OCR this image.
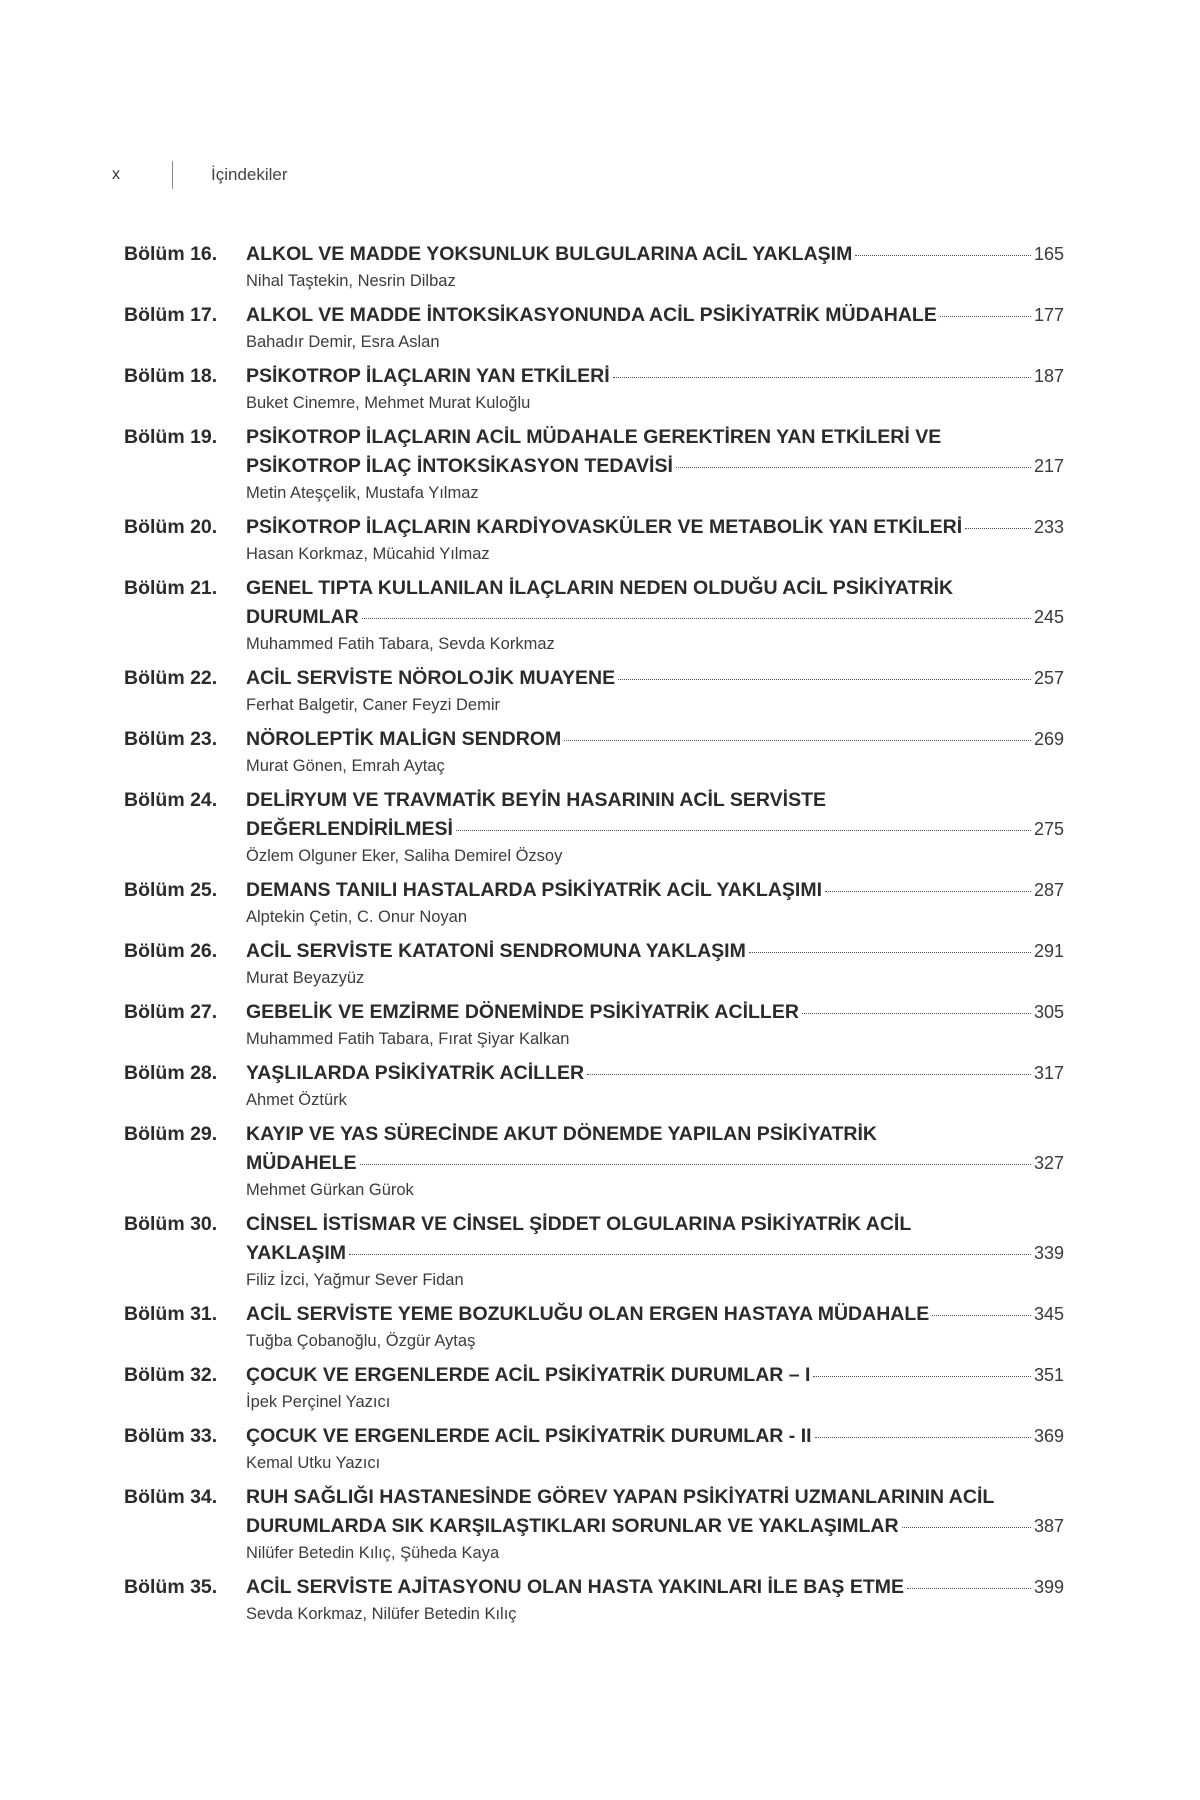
x	İçindekiler
Bölüm 16.	ALKOL VE MADDE YOKSUNLUK BULGULARINA ACİL YAKLAŞIM	165
Nihal Taştekin, Nesrin Dilbaz
Bölüm 17.	ALKOL VE MADDE İNTOKSİKASYONUNDA ACİL PSİKİYATRİK MÜDAHALE	177
Bahadır Demir, Esra Aslan
Bölüm 18.	PSİKOTROP İLAÇLARIN YAN ETKİLERİ	187
Buket Cinemre, Mehmet Murat Kuloğlu
Bölüm 19.	PSİKOTROP İLAÇLARIN ACİL MÜDAHALE GEREKTİREN YAN ETKİLERİ VE
PSİKOTROP İLAÇ İNTOKSİKASYON TEDAVİSİ	217
Metin Ateşçelik, Mustafa Yılmaz
Bölüm 20.	PSİKOTROP İLAÇLARIN KARDİYOVASKÜLER VE METABOLİK YAN ETKİLERİ	233
Hasan Korkmaz, Mücahid Yılmaz
Bölüm 21.	GENEL TIPTA KULLANILAN İLAÇLARIN NEDEN OLDUĞU ACİL PSİKİYATRİK
DURUMLAR	245
Muhammed Fatih Tabara, Sevda Korkmaz
Bölüm 22.	ACİL SERVİSTE NÖROLOJİK MUAYENE	257
Ferhat Balgetir, Caner Feyzi Demir
Bölüm 23.	NÖROLEPTİK MALİGN SENDROM	269
Murat Gönen, Emrah Aytaç
Bölüm 24.	DELİRYUM VE TRAVMATİK BEYİN HASARININ ACİL SERVİSTE
DEĞERLENDİRİLMESİ	275
Özlem Olguner Eker, Saliha Demirel Özsoy
Bölüm 25.	DEMANS TANILI HASTALARDA PSİKİYATRİK ACİL YAKLAŞIMI	287
Alptekin Çetin, C. Onur Noyan
Bölüm 26.	ACİL SERVİSTE KATATONİ SENDROMUNA YAKLAŞIM	291
Murat Beyazyüz
Bölüm 27.	GEBELİK VE EMZİRME DÖNEMİNDE PSİKİYATRİK ACİLLER	305
Muhammed Fatih Tabara, Fırat Şiyar Kalkan
Bölüm 28.	YAŞLILARDA PSİKİYATRİK ACİLLER	317
Ahmet Öztürk
Bölüm 29.	KAYIP VE YAS SÜRECİNDE AKUT DÖNEMDE YAPILAN PSİKİYATRİK
MÜDAHELE	327
Mehmet Gürkan Gürok
Bölüm 30.	CİNSEL İSTİSMAR VE CİNSEL ŞİDDET OLGULARINA PSİKİYATRİK ACİL
YAKLAŞIM	339
Filiz İzci, Yağmur Sever Fidan
Bölüm 31.	ACİL SERVİSTE YEME BOZUKLUĞU OLAN ERGEN HASTAYA MÜDAHALE	345
Tuğba Çobanoğlu, Özgür Aytaş
Bölüm 32.	ÇOCUK VE ERGENLERDE ACİL PSİKİYATRİK DURUMLAR – I	351
İpek Perçinel Yazıcı
Bölüm 33.	ÇOCUK VE ERGENLERDE ACİL PSİKİYATRİK DURUMLAR - II	369
Kemal Utku Yazıcı
Bölüm 34.	RUH SAĞLIĞI HASTANESİNDE GÖREV YAPAN PSİKİYATRİ UZMANLARININ ACİL
DURUMLARDA SIK KARŞILAŞTIKLARI SORUNLAR VE YAKLAŞIMLAR	387
Nilüfer Betedin Kılıç, Şüheda Kaya
Bölüm 35.	ACİL SERVİSTE AJİTASYONU OLAN HASTA YAKINLARI İLE BAŞ ETME	399
Sevda Korkmaz, Nilüfer Betedin Kılıç
